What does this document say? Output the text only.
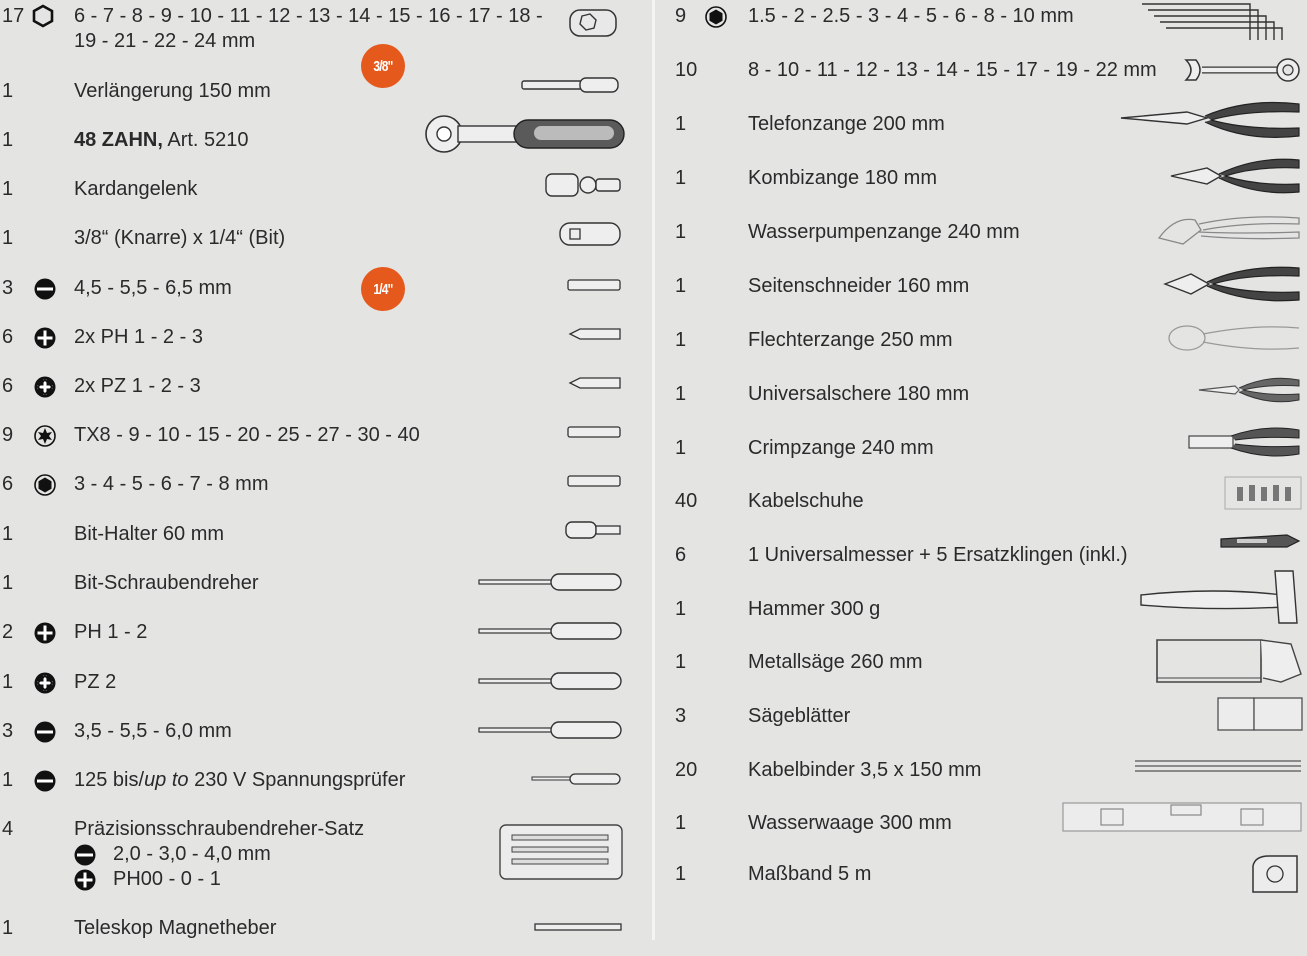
17 6 - 7 - 8 - 9 - 10 - 11 - 12 - 13 - 14 - 15 - 16 - 17 - 18 -
19 - 21 - 22 - 24 mm
3/8"
1	Verlängerung 150 mm
1	48 ZAHN, Art. 5210
1	Kardangelenk
1	3/8“ (Knarre) x 1/4“ (Bit)
1/4"
3	4,5 - 5,5 - 6,5 mm
6	2x PH 1 - 2 - 3
6	2x PZ 1 - 2 - 3
9	TX8 - 9 - 10 - 15 - 20 - 25 - 27 - 30 - 40
6	3 - 4 - 5 - 6 - 7 - 8 mm
1	Bit-Halter 60 mm
1	Bit-Schraubendreher
2	PH 1 - 2
1	PZ 2
3	3,5 - 5,5 - 6,0 mm
1	125 bis/up to 230 V Spannungsprüfer
4	Präzisionsschraubendreher-Satz
2,0 - 3,0 - 4,0 mm
PH00 - 0 - 1
1	Teleskop Magnetheber
9	1.5 - 2 - 2.5 - 3 - 4 - 5 - 6 - 8 - 10 mm
10	8 - 10 - 11 - 12 - 13 - 14 - 15 - 17 - 19 - 22 mm
1	Telefonzange 200 mm
1	Kombizange 180 mm
1	Wasserpumpenzange 240 mm
1	Seitenschneider 160 mm
1	Flechterzange 250 mm
1	Universalschere 180 mm
1	Crimpzange 240 mm
40	Kabelschuhe
6	1 Universalmesser + 5 Ersatzklingen (inkl.)
1	Hammer 300 g
1	Metallsäge 260 mm
3	Sägeblätter
20	Kabelbinder 3,5 x 150 mm
1	Wasserwaage 300 mm
1	Maßband 5 m
